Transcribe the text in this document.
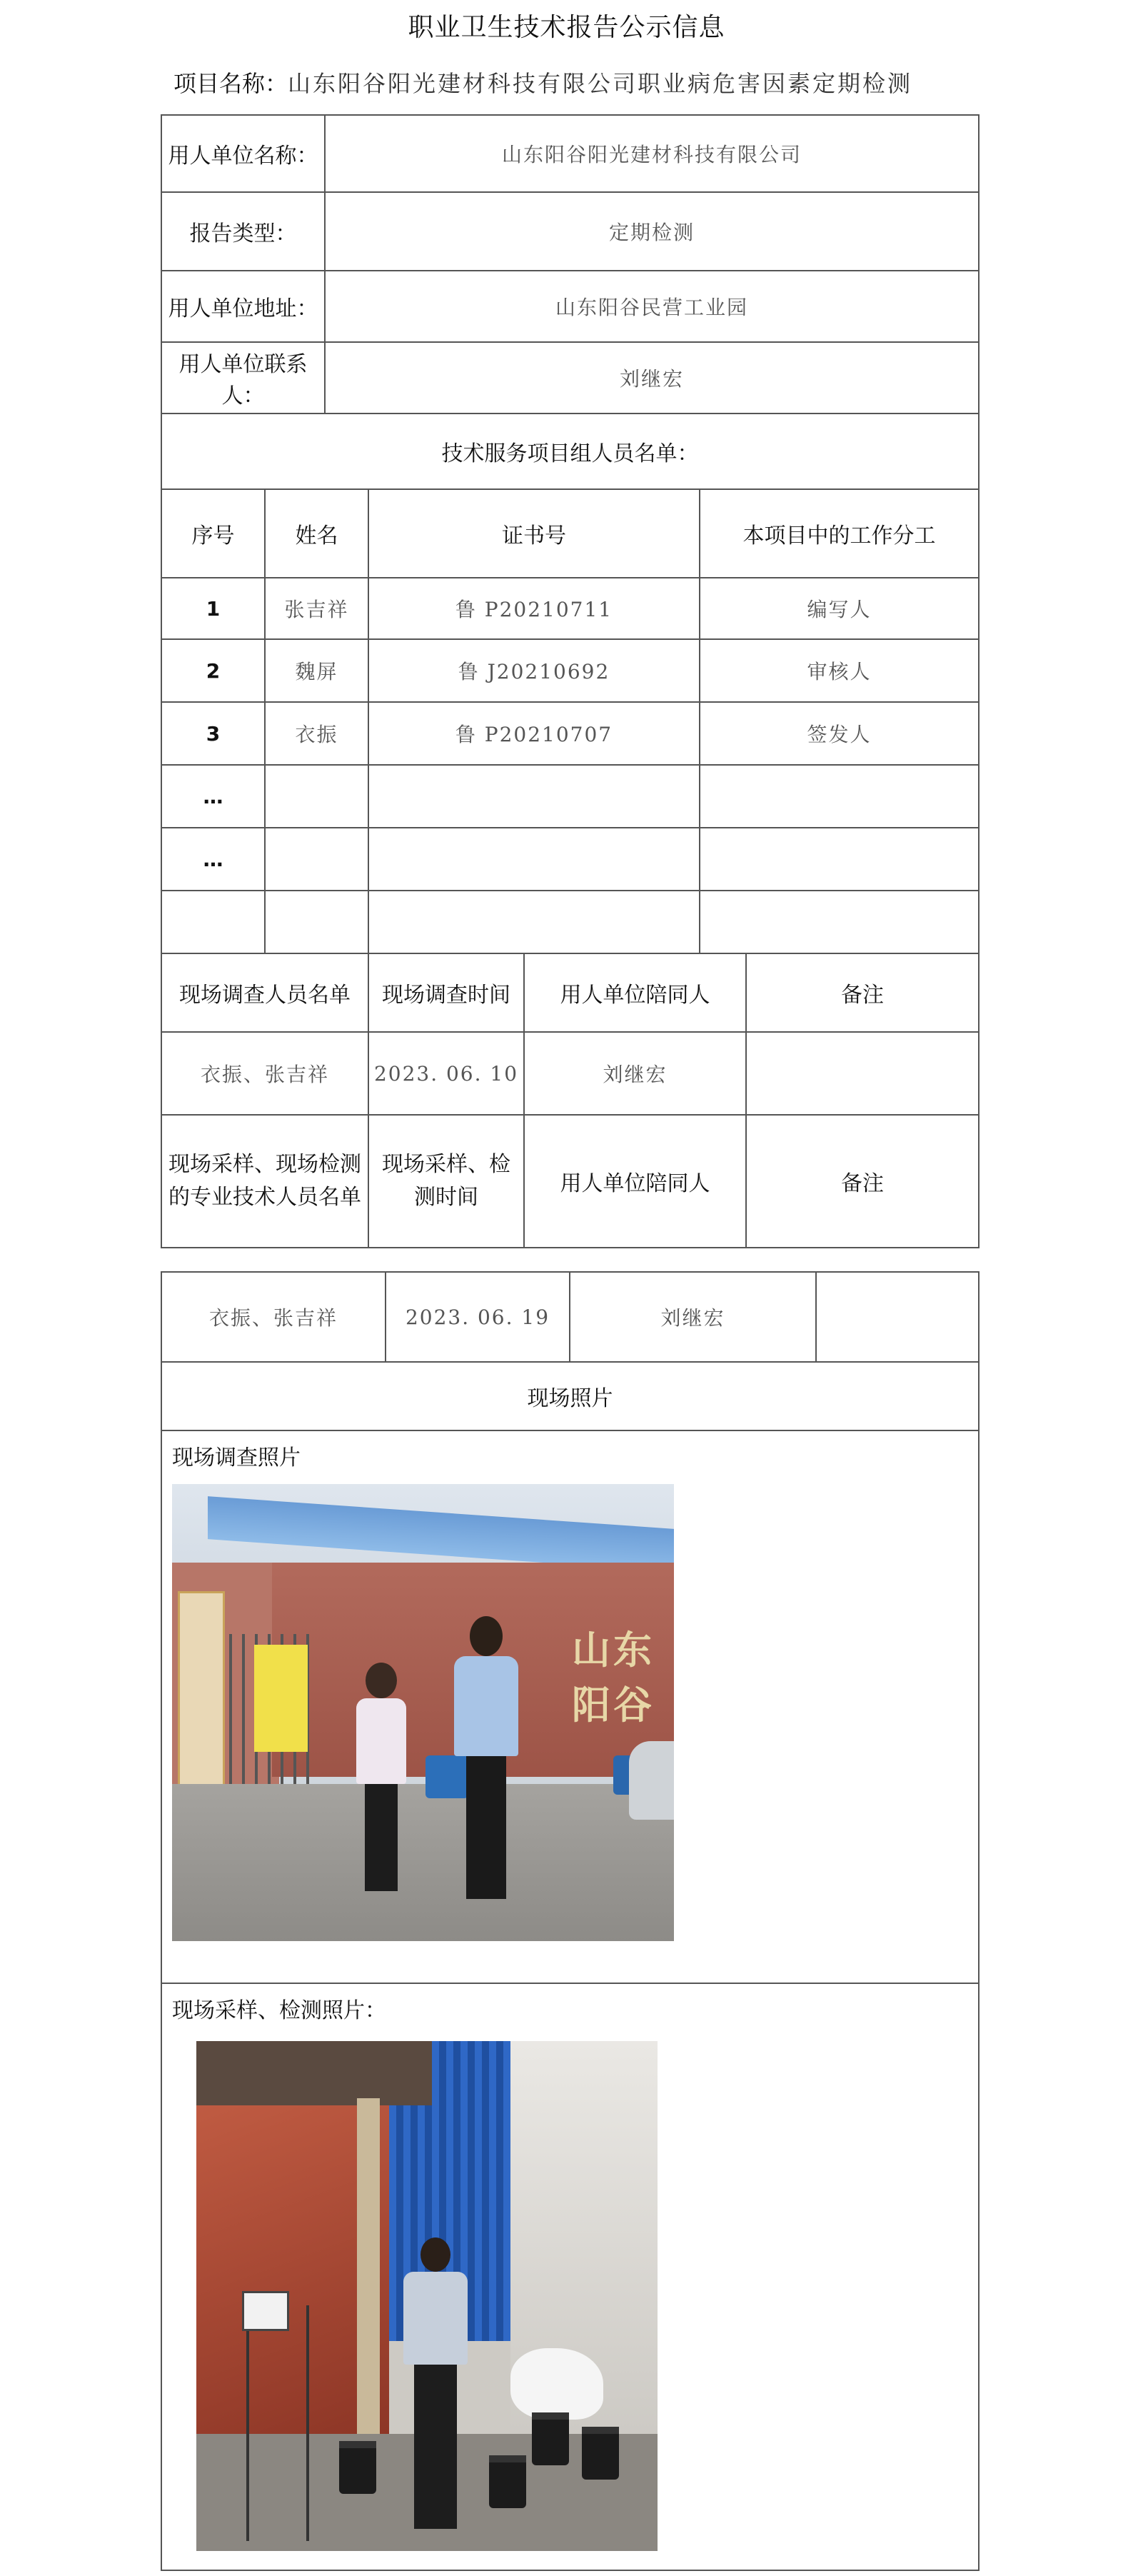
职业卫生技术报告公示信息
项目名称：山东阳谷阳光建材科技有限公司职业病危害因素定期检测
用人单位名称：		山东阳谷阳光建材科技有限公司				
报告类型：		定期检测				
用人单位地址：		山东阳谷民营工业园				
用人单位联系人：		刘继宏				
技术服务项目组人员名单：						
序号	姓名		证书号		本项目中的工作分工	
1	张吉祥		鲁 P20210711		编写人	
2	魏屏		鲁 J20210692		审核人	
3	衣振		鲁 P20210707		签发人	
…						
…						

现场调查人员名单			现场调查时间	用人单位陪同人		备注
衣振、张吉祥			2023. 06. 10	刘继宏		
现场采样、现场检测的专业技术人员名单			现场采样、检测时间	用人单位陪同人		备注
衣振、张吉祥	2023. 06. 19	刘继宏	
现场照片

现场调查照片
山东阳谷

现场采样、检测照片：
